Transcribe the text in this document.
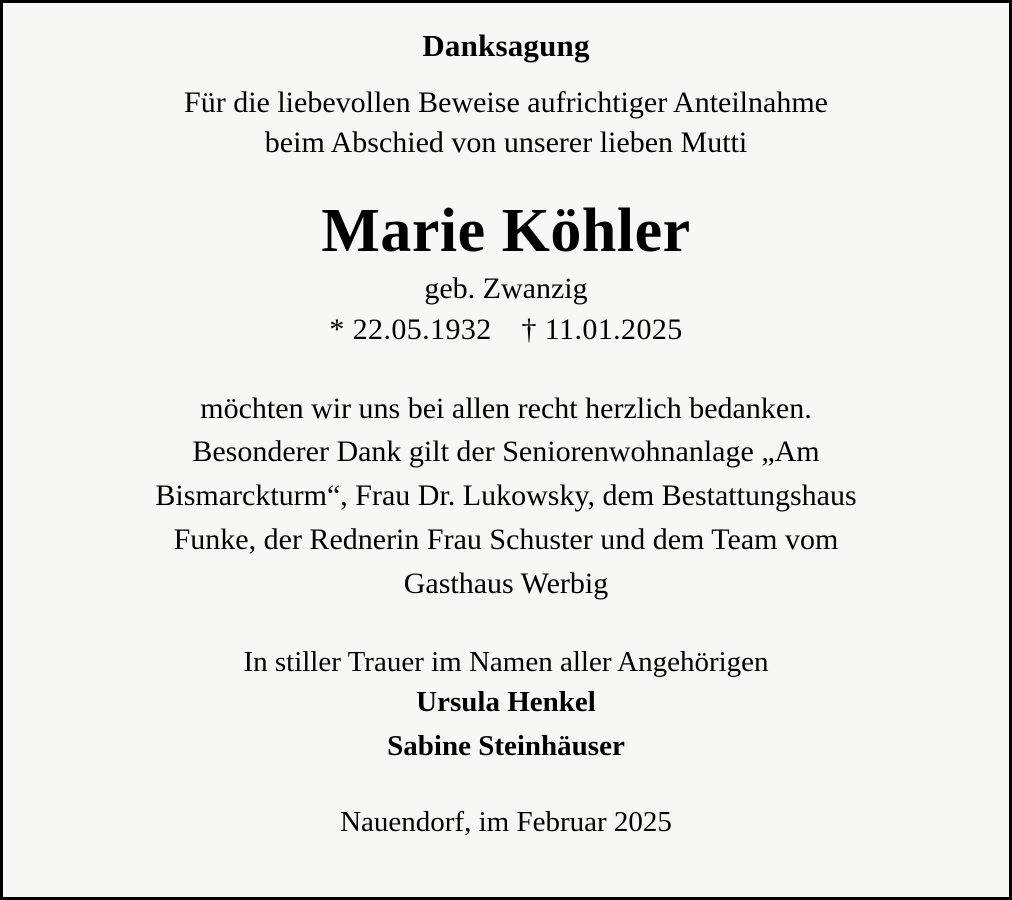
Danksagung
Für die liebevollen Beweise aufrichtiger Anteilnahme
beim Abschied von unserer lieben Mutti
Marie Köhler
geb. Zwanzig
* 22.05.1932 † 11.01.2025
möchten wir uns bei allen recht herzlich bedanken.
Besonderer Dank gilt der Seniorenwohnanlage „Am
Bismarckturm“, Frau Dr. Lukowsky, dem Bestattungshaus
Funke, der Rednerin Frau Schuster und dem Team vom
Gasthaus Werbig
In stiller Trauer im Namen aller Angehörigen
Ursula Henkel
Sabine Steinhäuser
Nauendorf, im Februar 2025
